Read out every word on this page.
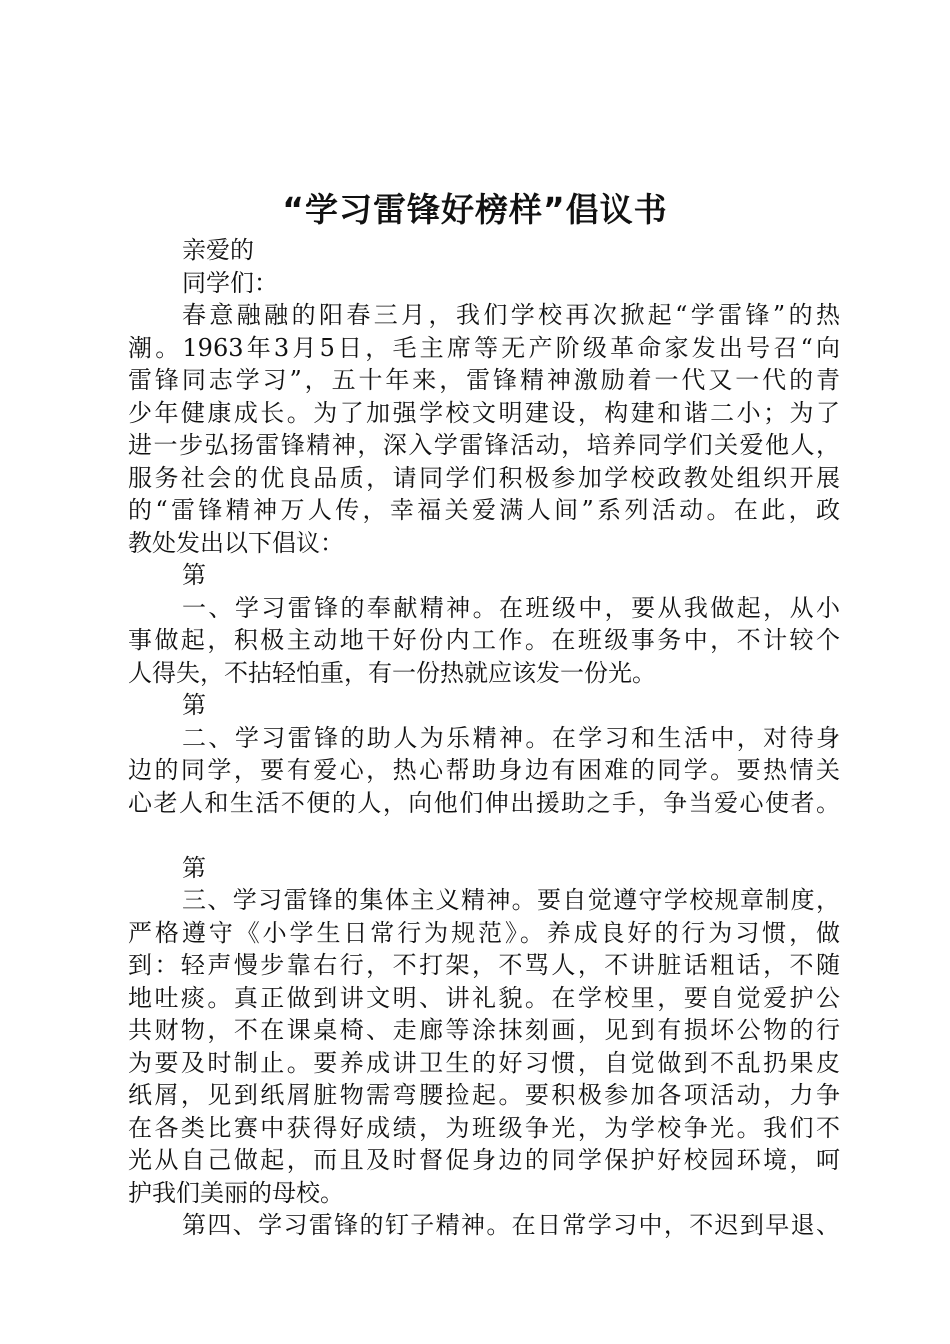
“学习雷锋好榜样”倡议书
亲爱的
同学们：
春意融融的阳春三月，我们学校再次掀起“学雷锋”的热
潮。1963年3月5日，毛主席等无产阶级革命家发出号召“向
雷锋同志学习”，五十年来，雷锋精神激励着一代又一代的青
少年健康成长。为了加强学校文明建设，构建和谐二小；为了
进一步弘扬雷锋精神，深入学雷锋活动，培养同学们关爱他人，
服务社会的优良品质，请同学们积极参加学校政教处组织开展
的“雷锋精神万人传，幸福关爱满人间”系列活动。在此，政
教处发出以下倡议：
第
一、学习雷锋的奉献精神。在班级中，要从我做起，从小
事做起，积极主动地干好份内工作。在班级事务中，不计较个
人得失，不拈轻怕重，有一份热就应该发一份光。
第
二、学习雷锋的助人为乐精神。在学习和生活中，对待身
边的同学，要有爱心，热心帮助身边有困难的同学。要热情关
心老人和生活不便的人，向他们伸出援助之手，争当爱心使者。
第
三、学习雷锋的集体主义精神。要自觉遵守学校规章制度，
严格遵守《小学生日常行为规范》。养成良好的行为习惯，做
到：轻声慢步靠右行，不打架，不骂人，不讲脏话粗话，不随
地吐痰。真正做到讲文明、讲礼貌。在学校里，要自觉爱护公
共财物，不在课桌椅、走廊等涂抹刻画，见到有损坏公物的行
为要及时制止。要养成讲卫生的好习惯，自觉做到不乱扔果皮
纸屑，见到纸屑脏物需弯腰捡起。要积极参加各项活动，力争
在各类比赛中获得好成绩，为班级争光，为学校争光。我们不
光从自己做起，而且及时督促身边的同学保护好校园环境，呵
护我们美丽的母校。
第四、学习雷锋的钉子精神。在日常学习中，不迟到早退、
